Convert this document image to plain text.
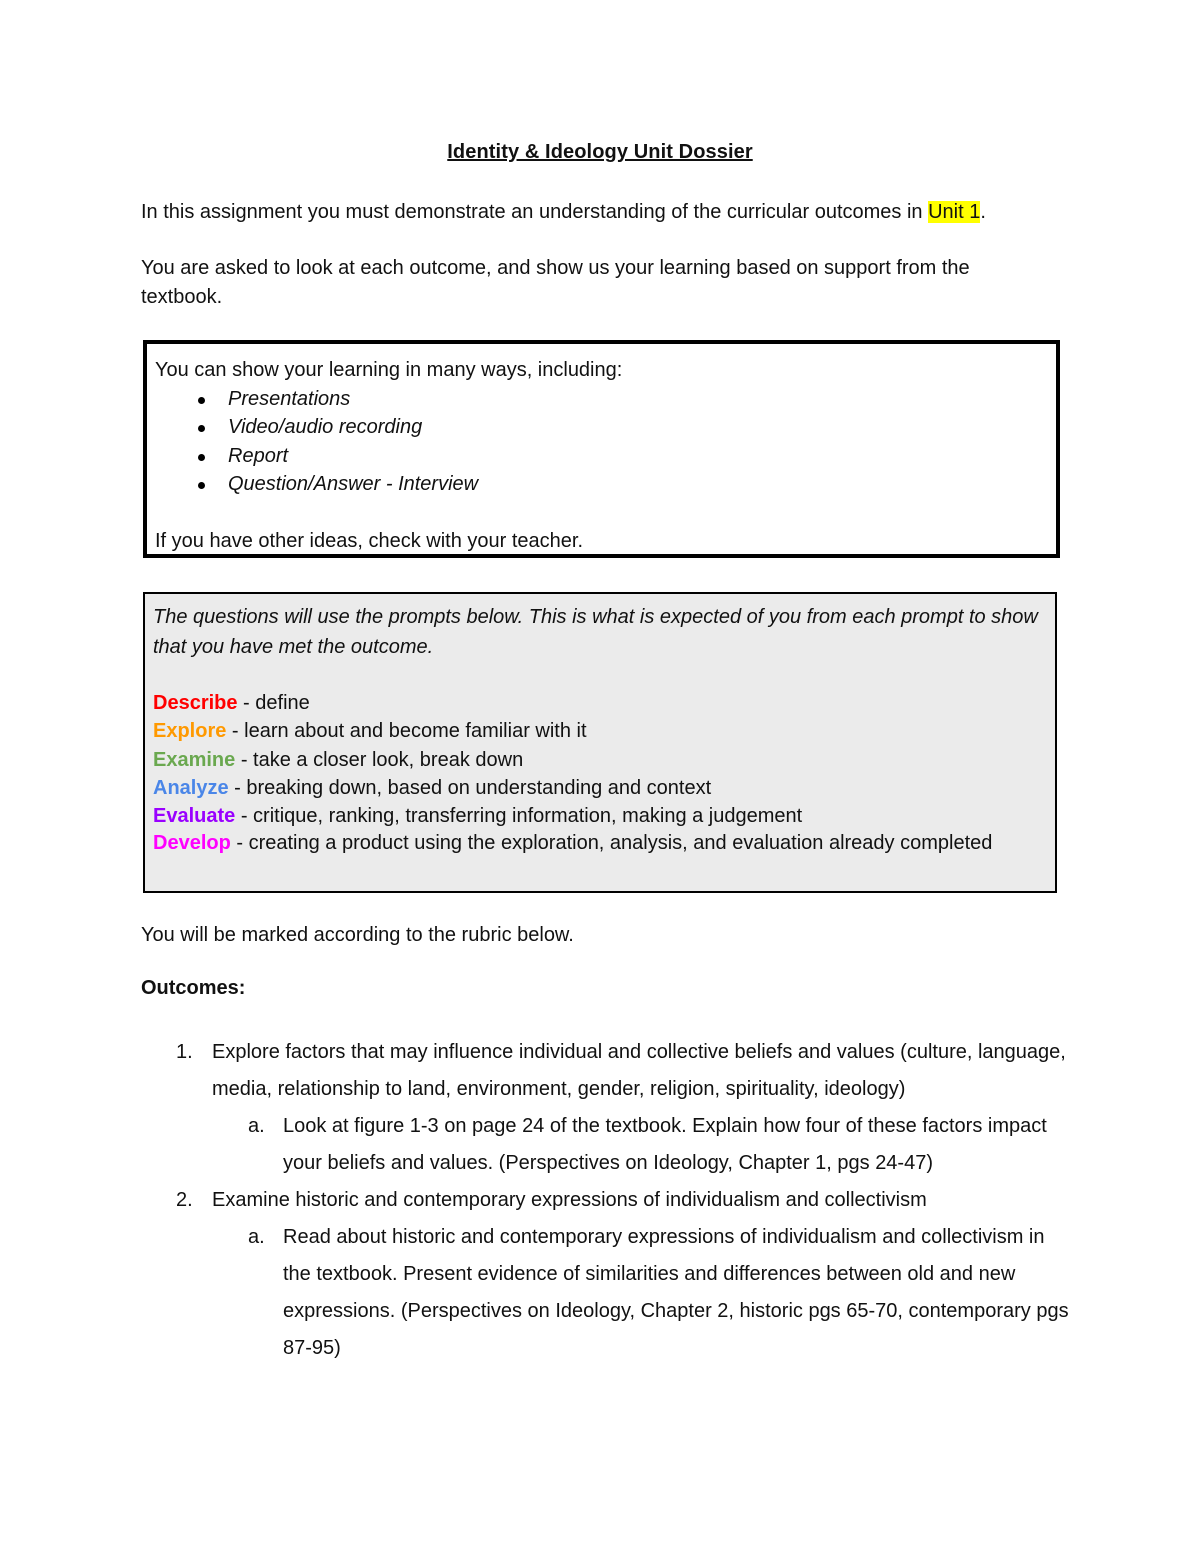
Identity & Ideology Unit Dossier
In this assignment you must demonstrate an understanding of the curricular outcomes in Unit 1.
You are asked to look at each outcome, and show us your learning based on support from the textbook.
You can show your learning in many ways, including:
Presentations
Video/audio recording
Report
Question/Answer - Interview
If you have other ideas, check with your teacher.
The questions will use the prompts below. This is what is expected of you from each prompt to show that you have met the outcome.
Describe - define
Explore - learn about and become familiar with it
Examine - take a closer look, break down
Analyze - breaking down, based on understanding and context
Evaluate - critique, ranking, transferring information, making a judgement
Develop - creating a product using the exploration, analysis, and evaluation already completed
You will be marked according to the rubric below.
Outcomes:
1. Explore factors that may influence individual and collective beliefs and values (culture, language, media, relationship to land, environment, gender, religion, spirituality, ideology)
a. Look at figure 1-3 on page 24 of the textbook. Explain how four of these factors impact your beliefs and values. (Perspectives on Ideology, Chapter 1, pgs 24-47)
2. Examine historic and contemporary expressions of individualism and collectivism
a. Read about historic and contemporary expressions of individualism and collectivism in the textbook. Present evidence of similarities and differences between old and new expressions. (Perspectives on Ideology, Chapter 2, historic pgs 65-70, contemporary pgs 87-95)
